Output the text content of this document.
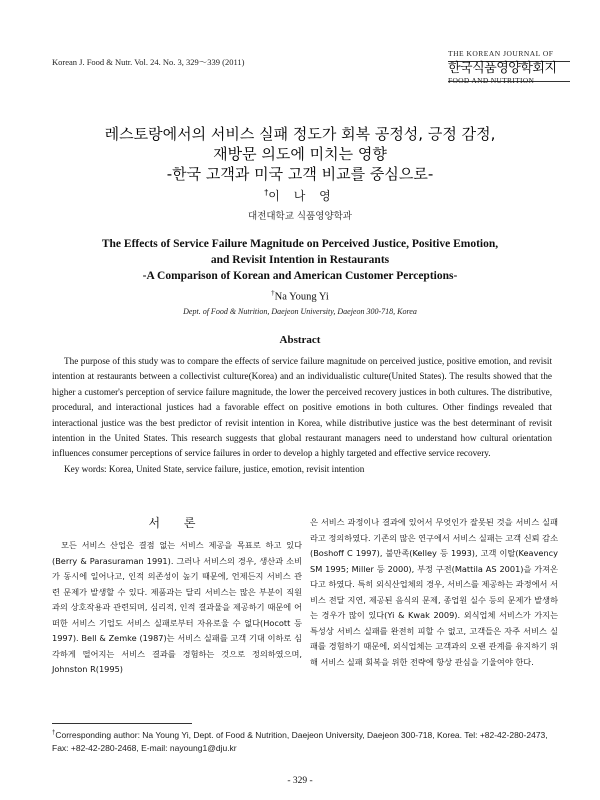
Korean J. Food & Nutr. Vol. 24. No. 3, 329～339 (2011)
THE KOREAN JOURNAL OF
한국식품영양학회지
FOOD AND NUTRITION
레스토랑에서의 서비스 실패 정도가 회복 공정성, 긍정 감정,
재방문 의도에 미치는 영향
-한국 고객과 미국 고객 비교를 중심으로-
†이 나 영
대전대학교 식품영양학과
The Effects of Service Failure Magnitude on Perceived Justice, Positive Emotion,
and Revisit Intention in Restaurants
-A Comparison of Korean and American Customer Perceptions-
†Na Young Yi
Dept. of Food & Nutrition, Daejeon University, Daejeon 300-718, Korea
Abstract

The purpose of this study was to compare the effects of service failure magnitude on perceived justice, positive emotion, and revisit intention at restaurants between a collectivist culture(Korea) and an individualistic culture(United States). The results showed that the higher a customer's perception of service failure magnitude, the lower the perceived recovery justices in both cultures. The distributive, procedural, and interactional justices had a favorable effect on positive emotions in both cultures. Other findings revealed that interactional justice was the best predictor of revisit intention in Korea, while distributive justice was the best determinant of revisit intention in the United States. This research suggests that global restaurant managers need to understand how cultural orientation influences consumer perceptions of service failures in order to develop a highly targeted and effective service recovery.

Key words: Korea, United State, service failure, justice, emotion, revisit intention
서 론

모든 서비스 산업은 결점 없는 서비스 제공을 목표로 하고 있다(Berry & Parasuraman 1991). 그러나 서비스의 경우, 생산과 소비가 동시에 일어나고, 인적 의존성이 높기 때문에, 언제든지 서비스 관련 문제가 발생할 수 있다. 제품과는 달리 서비스는 많은 부분이 직원과의 상호작용과 관련되며, 심리적, 인적 결과물을 제공하기 때문에 어떠한 서비스 기업도 서비스 실패로부터 자유로울 수 없다(Hocott 등 1997). Bell & Zemke (1987)는 서비스 실패를 고객 기대 이하로 심각하게 떨어지는 서비스 결과를 경험하는 것으로 정의하였으며, Johnston R(1995)

은 서비스 과정이나 결과에 있어서 무엇인가 잘못된 것을 서비스 실패라고 정의하였다. 기존의 많은 연구에서 서비스 실패는 고객 신뢰 감소(Boshoff C 1997), 불만족(Kelley 등 1993), 고객 이탈(Keavency SM 1995; Miller 등 2000), 부정 구전(Mattila AS 2001)을 가져온다고 하였다. 특히 외식산업체의 경우, 서비스를 제공하는 과정에서 서비스 전달 지연, 제공된 음식의 문제, 종업원 실수 등의 문제가 발생하는 경우가 많이 있다(Yi & Kwak 2009). 외식업체 서비스가 가지는 특성상 서비스 실패를 완전히 피할 수 없고, 고객들은 자주 서비스 실패를 경험하기 때문에, 외식업체는 고객과의 오랜 관계를 유지하기 위해 서비스 실패 회복을 위한 전략에 항상 관심을 기울여야 한다.

†Corresponding author: Na Young Yi, Dept. of Food & Nutrition, Daejeon University, Daejeon 300-718, Korea. Tel: +82-42-280-2473, Fax: +82-42-280-2468, E-mail: nayoung1@dju.kr
- 329 -
